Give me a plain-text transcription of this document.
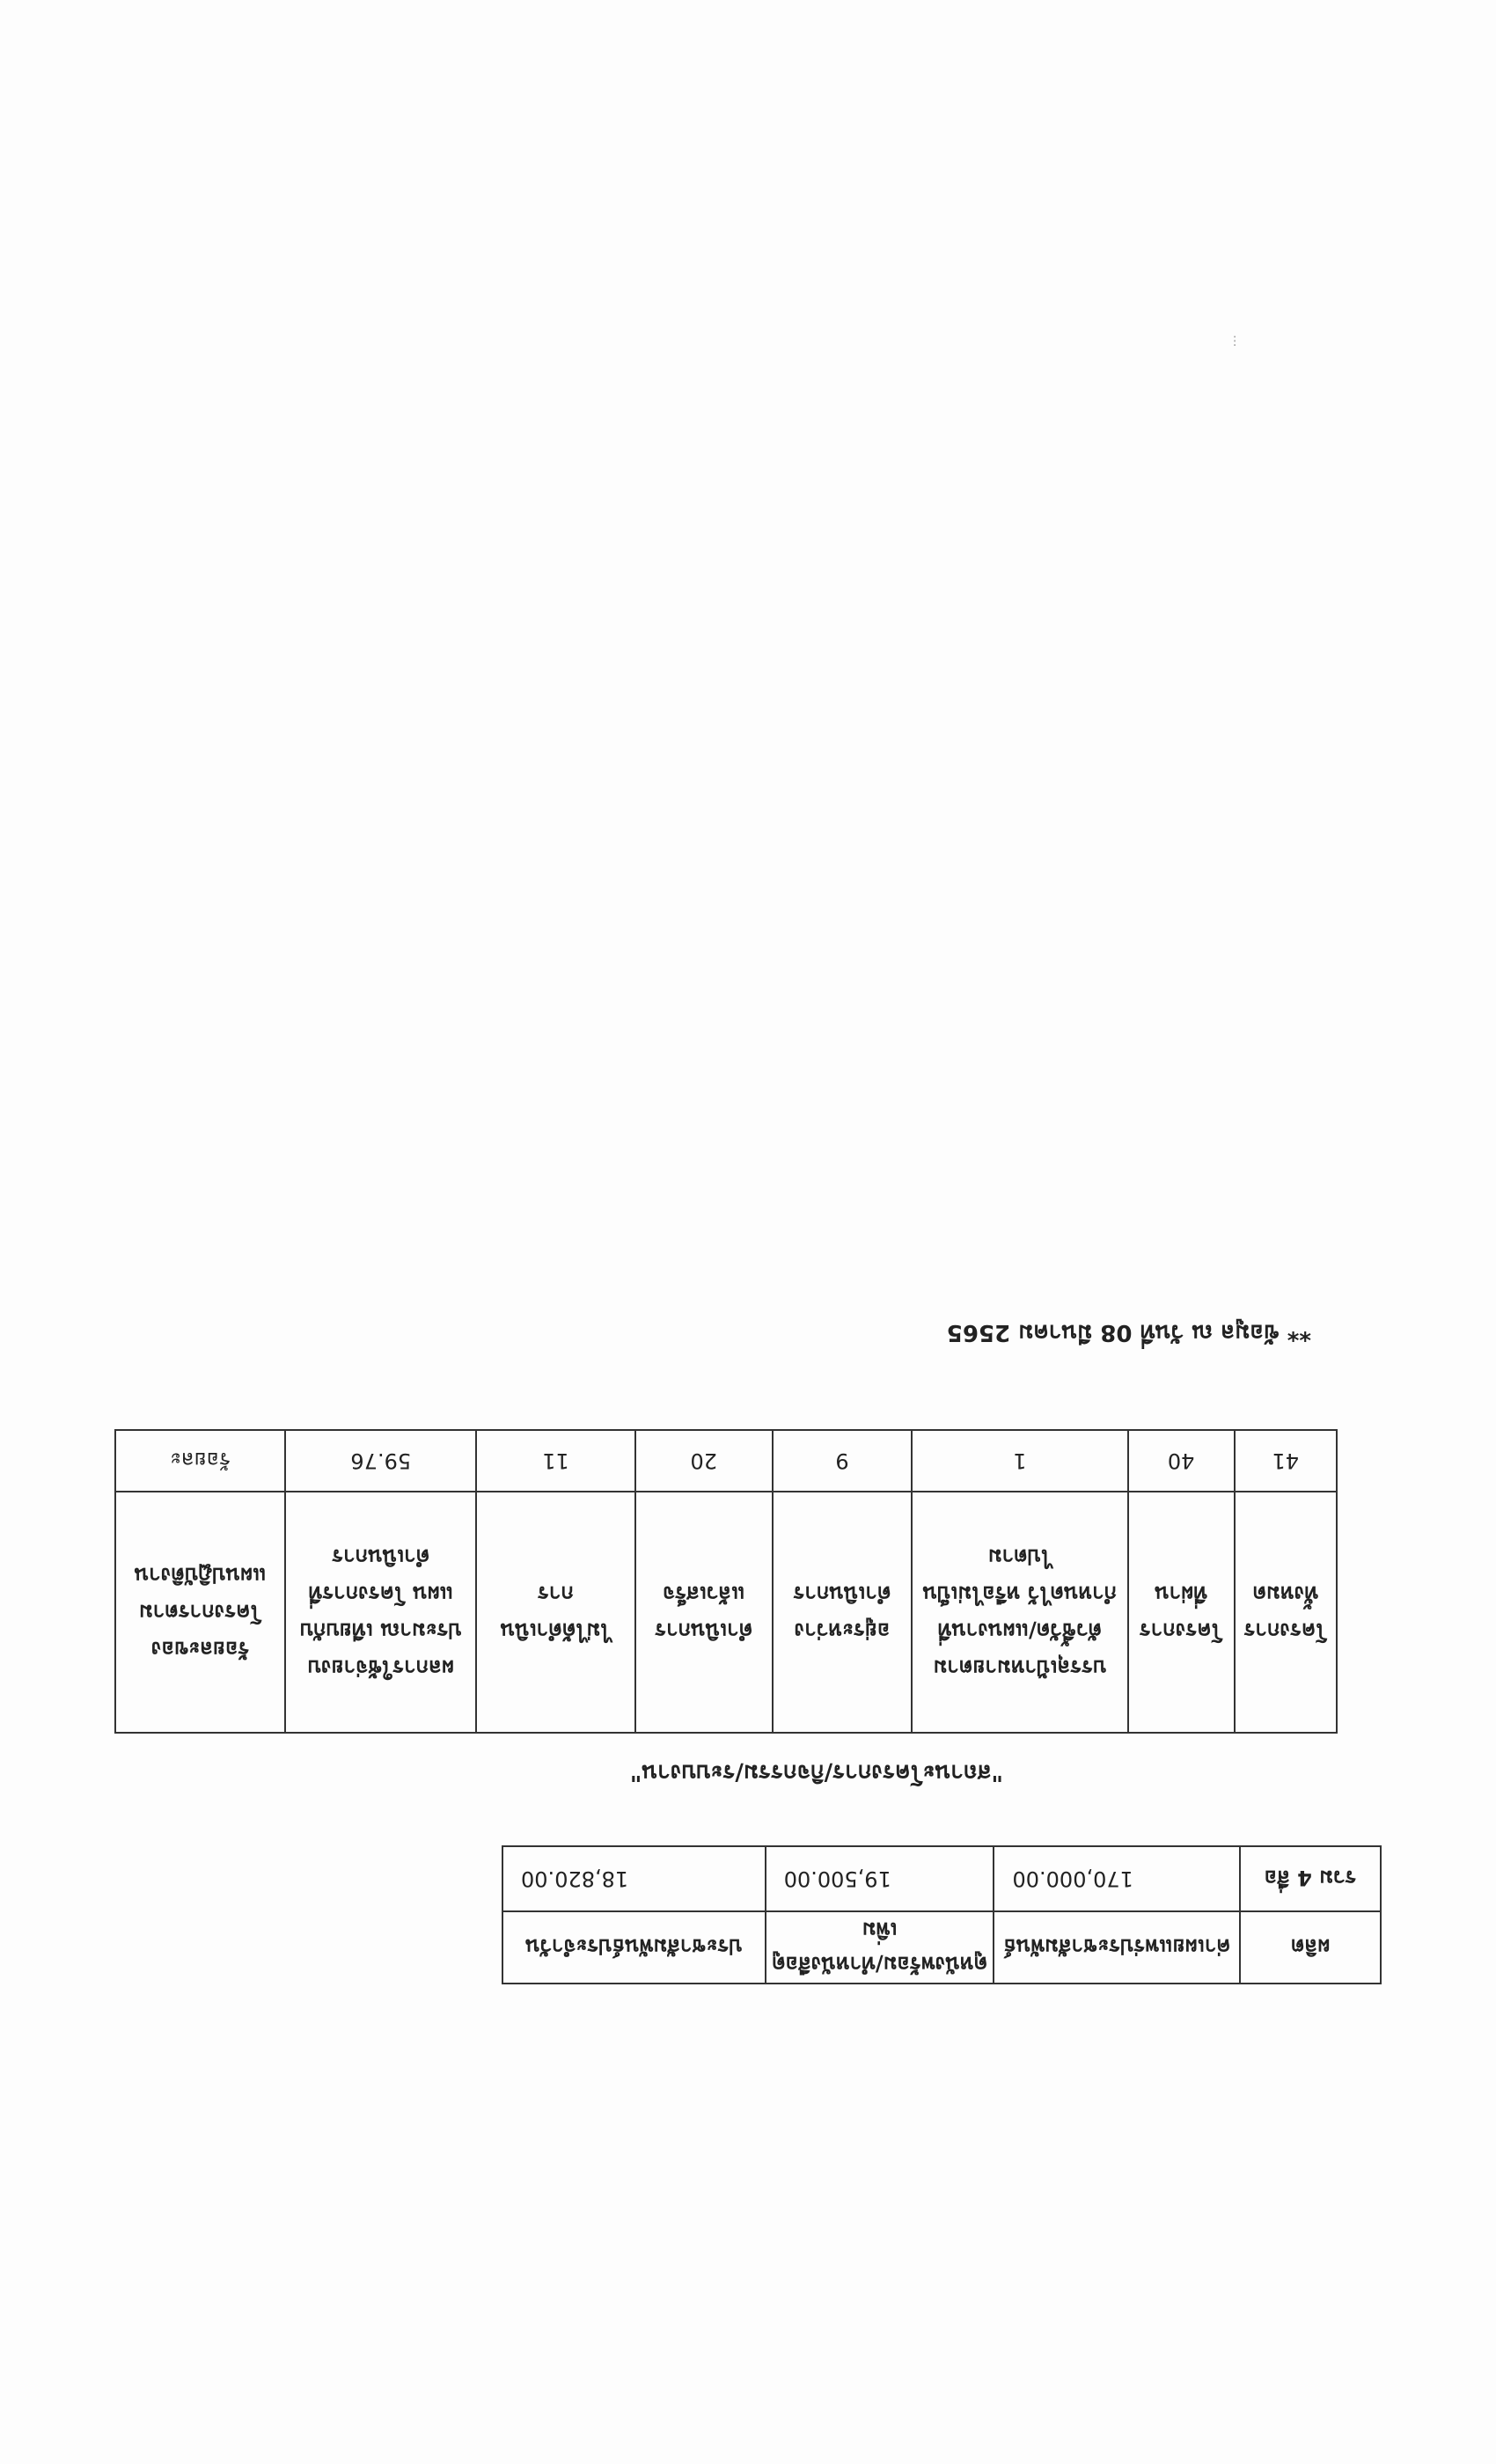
ผลิต	ค่าเผยแพร่ประชาสัมพันธ์	ดูหนังพร้อม/ทำหนังสือดูเพิ่ม	ประชาสัมพันธ์ประจำวัน
รวม 4 สื่อ	170,000.00	19,500.00	18,820.00
"สถานะโครงการ/กิจกรรม/ระบบงาน"
โครงการทั้งหมด	โครงการที่ผ่าน	บรรลุเป้าหมายตามตัวชี้วัด/แผนงานที่กำหนดไว้ หรือไม่เป็นไปตาม	อยู่ระหว่างดำเนินการ	ดำเนินการแล้วเสร็จ	ไม่ได้ดำเนินการ	ผลการใช้จ่ายงบประมาณ เทียบกับแผน โครงการที่ดำเนินการ	ร้อยละของโครงการตามแผนปฏิบัติงาน
41	40	1	9	20	11	59.76	ร้อยละ
** ข้อมูล ณ วันที่ 08 มีนาคม 2565
⋮
